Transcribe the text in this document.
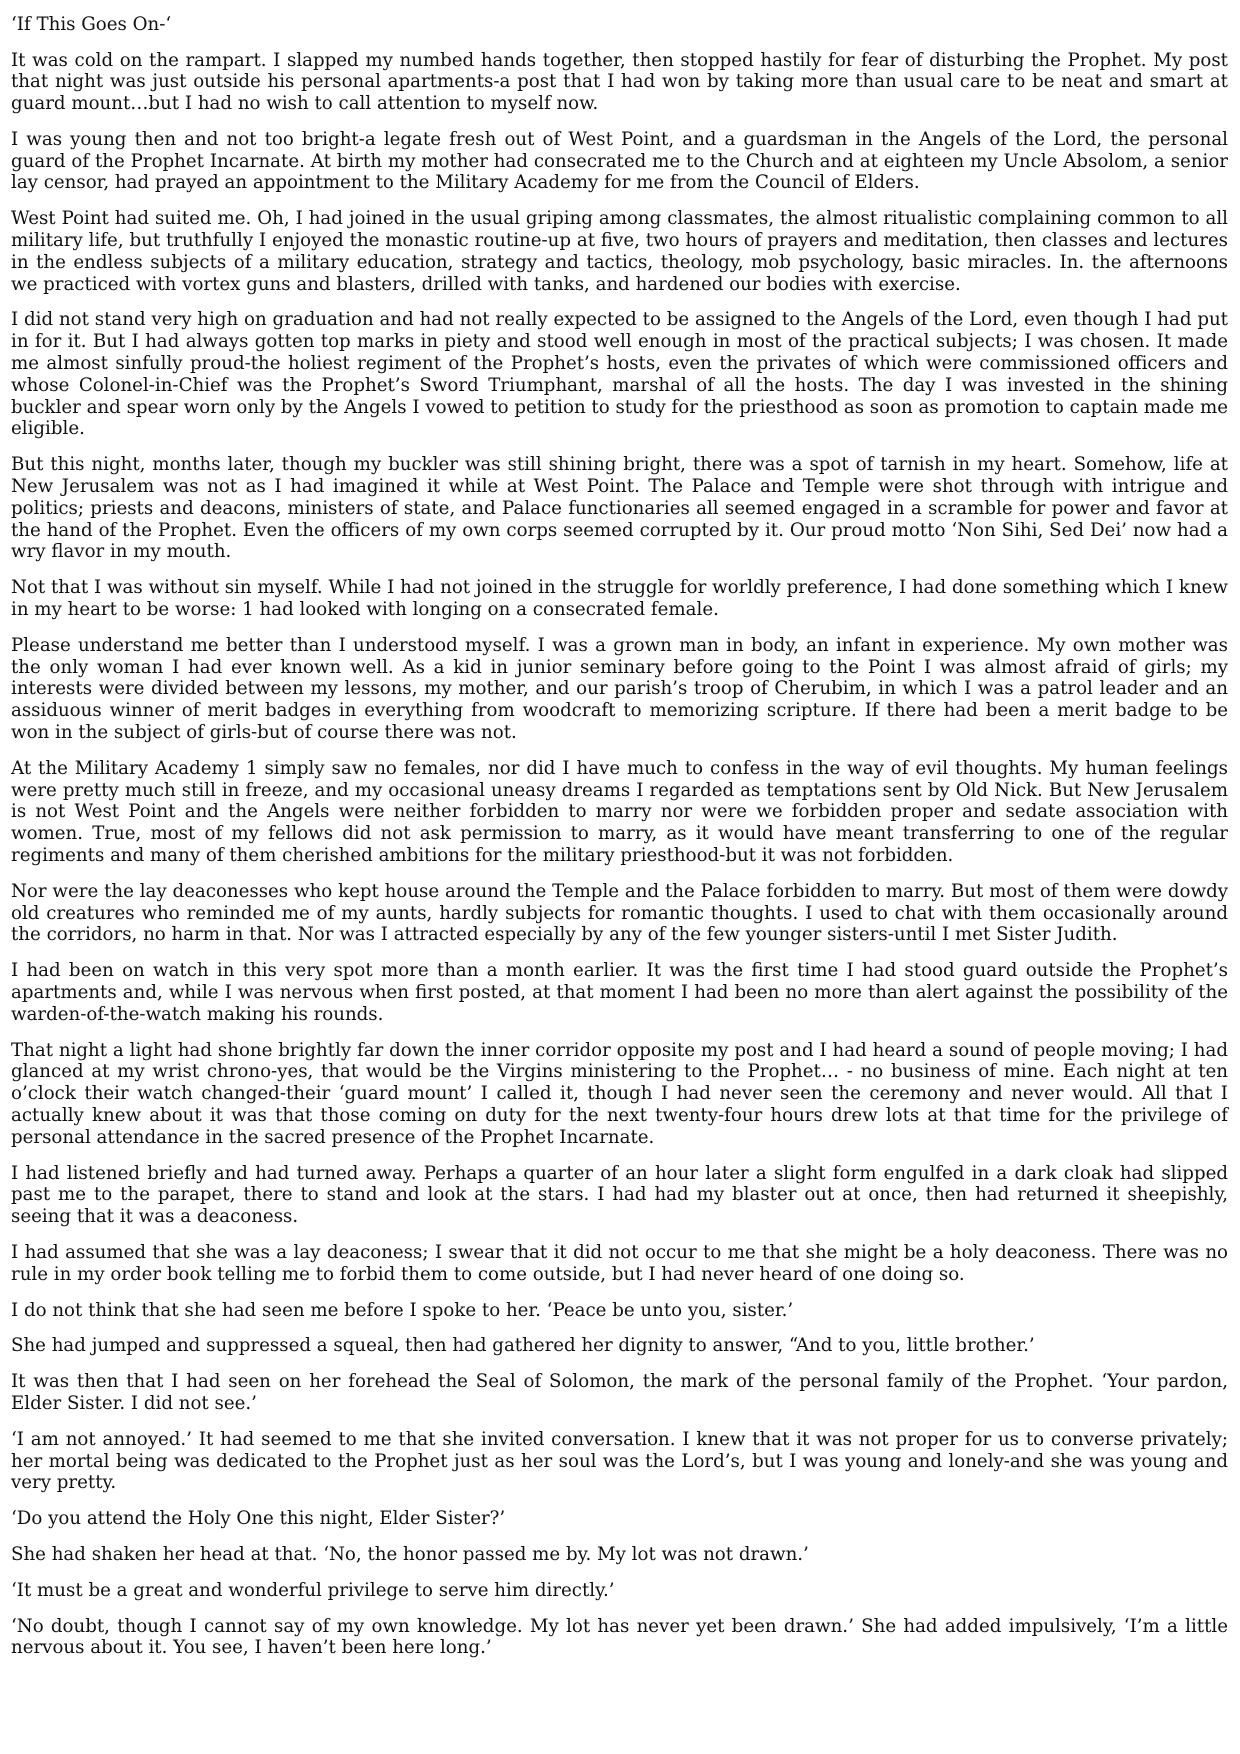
‘If This Goes On-‘

It was cold on the rampart. I slapped my numbed hands together, then stopped hastily for fear of disturbing the Prophet. My post that night was just outside his personal apartments-a post that I had won by taking more than usual care to be neat and smart at guard mount…but I had no wish to call attention to myself now.

I was young then and not too bright-a legate fresh out of West Point, and a guardsman in the Angels of the Lord, the personal guard of the Prophet Incarnate. At birth my mother had consecrated me to the Church and at eighteen my Uncle Absolom, a senior lay censor, had prayed an appointment to the Military Academy for me from the Council of Elders.

West Point had suited me. Oh, I had joined in the usual griping among classmates, the almost ritualistic complaining common to all military life, but truthfully I enjoyed the monastic routine-up at five, two hours of prayers and meditation, then classes and lectures in the endless subjects of a military education, strategy and tactics, theology, mob psychology, basic miracles. In. the afternoons we practiced with vortex guns and blasters, drilled with tanks, and hardened our bodies with exercise.

I did not stand very high on graduation and had not really expected to be assigned to the Angels of the Lord, even though I had put in for it. But I had always gotten top marks in piety and stood well enough in most of the practical subjects; I was chosen. It made me almost sinfully proud-the holiest regiment of the Prophet’s hosts, even the privates of which were commissioned officers and whose Colonel-in-Chief was the Prophet’s Sword Triumphant, marshal of all the hosts. The day I was invested in the shining buckler and spear worn only by the Angels I vowed to petition to study for the priesthood as soon as promotion to captain made me eligible.

But this night, months later, though my buckler was still shining bright, there was a spot of tarnish in my heart. Somehow, life at New Jerusalem was not as I had imagined it while at West Point. The Palace and Temple were shot through with intrigue and politics; priests and deacons, ministers of state, and Palace functionaries all seemed engaged in a scramble for power and favor at the hand of the Prophet. Even the officers of my own corps seemed corrupted by it. Our proud motto ‘Non Sihi, Sed Dei’ now had a wry flavor in my mouth.

Not that I was without sin myself. While I had not joined in the struggle for worldly preference, I had done something which I knew in my heart to be worse: 1 had looked with longing on a consecrated female.

Please understand me better than I understood myself. I was a grown man in body, an infant in experience. My own mother was the only woman I had ever known well. As a kid in junior seminary before going to the Point I was almost afraid of girls; my interests were divided between my lessons, my mother, and our parish’s troop of Cherubim, in which I was a patrol leader and an assiduous winner of merit badges in everything from woodcraft to memorizing scripture. If there had been a merit badge to be won in the subject of girls-but of course there was not.

At the Military Academy 1 simply saw no females, nor did I have much to confess in the way of evil thoughts. My human feelings were pretty much still in freeze, and my occasional uneasy dreams I regarded as temptations sent by Old Nick. But New Jerusalem is not West Point and the Angels were neither forbidden to marry nor were we forbidden proper and sedate association with women. True, most of my fellows did not ask permission to marry, as it would have meant transferring to one of the regular regiments and many of them cherished ambitions for the military priesthood-but it was not forbidden.

Nor were the lay deaconesses who kept house around the Temple and the Palace forbidden to marry. But most of them were dowdy old creatures who reminded me of my aunts, hardly subjects for romantic thoughts. I used to chat with them occasionally around the corridors, no harm in that. Nor was I attracted especially by any of the few younger sisters-until I met Sister Judith.

I had been on watch in this very spot more than a month earlier. It was the first time I had stood guard outside the Prophet’s apartments and, while I was nervous when first posted, at that moment I had been no more than alert against the possibility of the warden-of-the-watch making his rounds.

That night a light had shone brightly far down the inner corridor opposite my post and I had heard a sound of people moving; I had glanced at my wrist chrono-yes, that would be the Virgins ministering to the Prophet… - no business of mine. Each night at ten o’clock their watch changed-their ‘guard mount’ I called it, though I had never seen the ceremony and never would. All that I actually knew about it was that those coming on duty for the next twenty-four hours drew lots at that time for the privilege of personal attendance in the sacred presence of the Prophet Incarnate.

I had listened briefly and had turned away. Perhaps a quarter of an hour later a slight form engulfed in a dark cloak had slipped past me to the parapet, there to stand and look at the stars. I had had my blaster out at once, then had returned it sheepishly, seeing that it was a deaconess.

I had assumed that she was a lay deaconess; I swear that it did not occur to me that she might be a holy deaconess. There was no rule in my order book telling me to forbid them to come outside, but I had never heard of one doing so.

I do not think that she had seen me before I spoke to her. ‘Peace be unto you, sister.’

She had jumped and suppressed a squeal, then had gathered her dignity to answer, “And to you, little brother.’

It was then that I had seen on her forehead the Seal of Solomon, the mark of the personal family of the Prophet. ‘Your pardon, Elder Sister. I did not see.’

‘I am not annoyed.’ It had seemed to me that she invited conversation. I knew that it was not proper for us to converse privately; her mortal being was dedicated to the Prophet just as her soul was the Lord’s, but I was young and lonely-and she was young and very pretty.

‘Do you attend the Holy One this night, Elder Sister?’

She had shaken her head at that. ‘No, the honor passed me by. My lot was not drawn.’

‘It must be a great and wonderful privilege to serve him directly.’

‘No doubt, though I cannot say of my own knowledge. My lot has never yet been drawn.’ She had added impulsively, ‘I’m a little nervous about it. You see, I haven’t been here long.’
